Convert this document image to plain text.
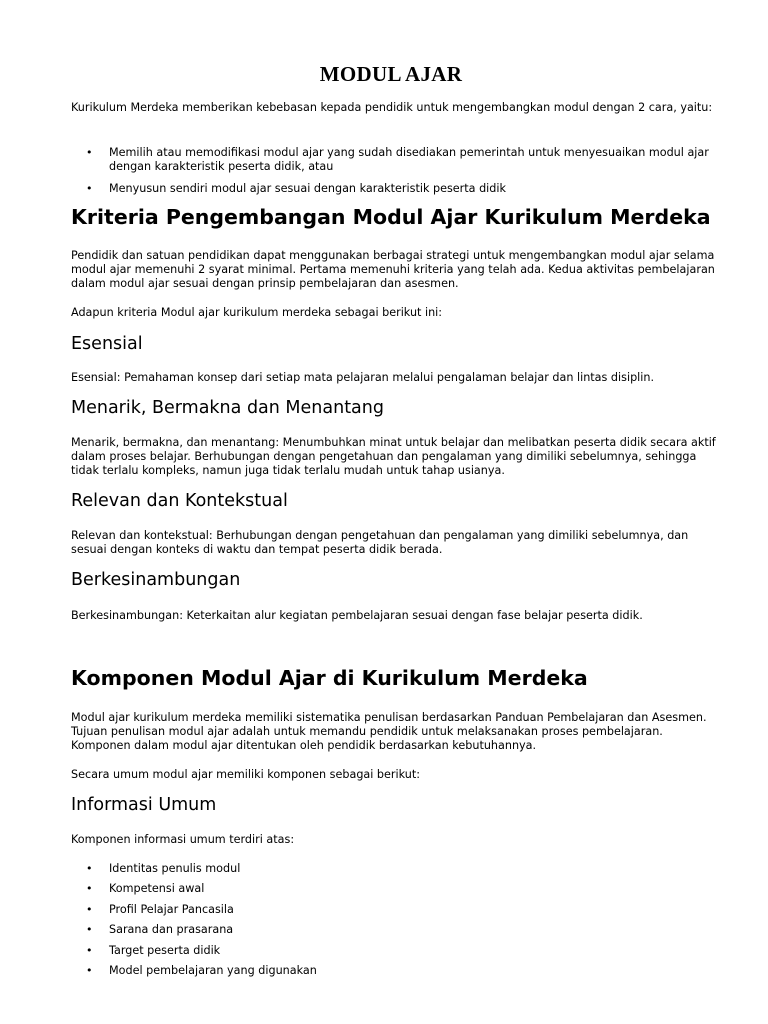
MODUL AJAR

Kurikulum Merdeka memberikan kebebasan kepada pendidik untuk mengembangkan modul dengan 2 cara, yaitu:

• Memilih atau memodifikasi modul ajar yang sudah disediakan pemerintah untuk menyesuaikan modul ajar dengan karakteristik peserta didik, atau
• Menyusun sendiri modul ajar sesuai dengan karakteristik peserta didik
Kriteria Pengembangan Modul Ajar Kurikulum Merdeka

Pendidik dan satuan pendidikan dapat menggunakan berbagai strategi untuk mengembangkan modul ajar selama modul ajar memenuhi 2 syarat minimal. Pertama memenuhi kriteria yang telah ada. Kedua aktivitas pembelajaran dalam modul ajar sesuai dengan prinsip pembelajaran dan asesmen.

Adapun kriteria Modul ajar kurikulum merdeka sebagai berikut ini:

Esensial

Esensial: Pemahaman konsep dari setiap mata pelajaran melalui pengalaman belajar dan lintas disiplin.

Menarik, Bermakna dan Menantang

Menarik, bermakna, dan menantang: Menumbuhkan minat untuk belajar dan melibatkan peserta didik secara aktif dalam proses belajar. Berhubungan dengan pengetahuan dan pengalaman yang dimiliki sebelumnya, sehingga tidak terlalu kompleks, namun juga tidak terlalu mudah untuk tahap usianya.

Relevan dan Kontekstual

Relevan dan kontekstual: Berhubungan dengan pengetahuan dan pengalaman yang dimiliki sebelumnya, dan sesuai dengan konteks di waktu dan tempat peserta didik berada.

Berkesinambungan

Berkesinambungan: Keterkaitan alur kegiatan pembelajaran sesuai dengan fase belajar peserta didik.

Komponen Modul Ajar di Kurikulum Merdeka

Modul ajar kurikulum merdeka memiliki sistematika penulisan berdasarkan Panduan Pembelajaran dan Asesmen. Tujuan penulisan modul ajar adalah untuk memandu pendidik untuk melaksanakan proses pembelajaran. Komponen dalam modul ajar ditentukan oleh pendidik berdasarkan kebutuhannya.

Secara umum modul ajar memiliki komponen sebagai berikut:

Informasi Umum

Komponen informasi umum terdiri atas:

• Identitas penulis modul
• Kompetensi awal
• Profil Pelajar Pancasila
• Sarana dan prasarana
• Target peserta didik
• Model pembelajaran yang digunakan
